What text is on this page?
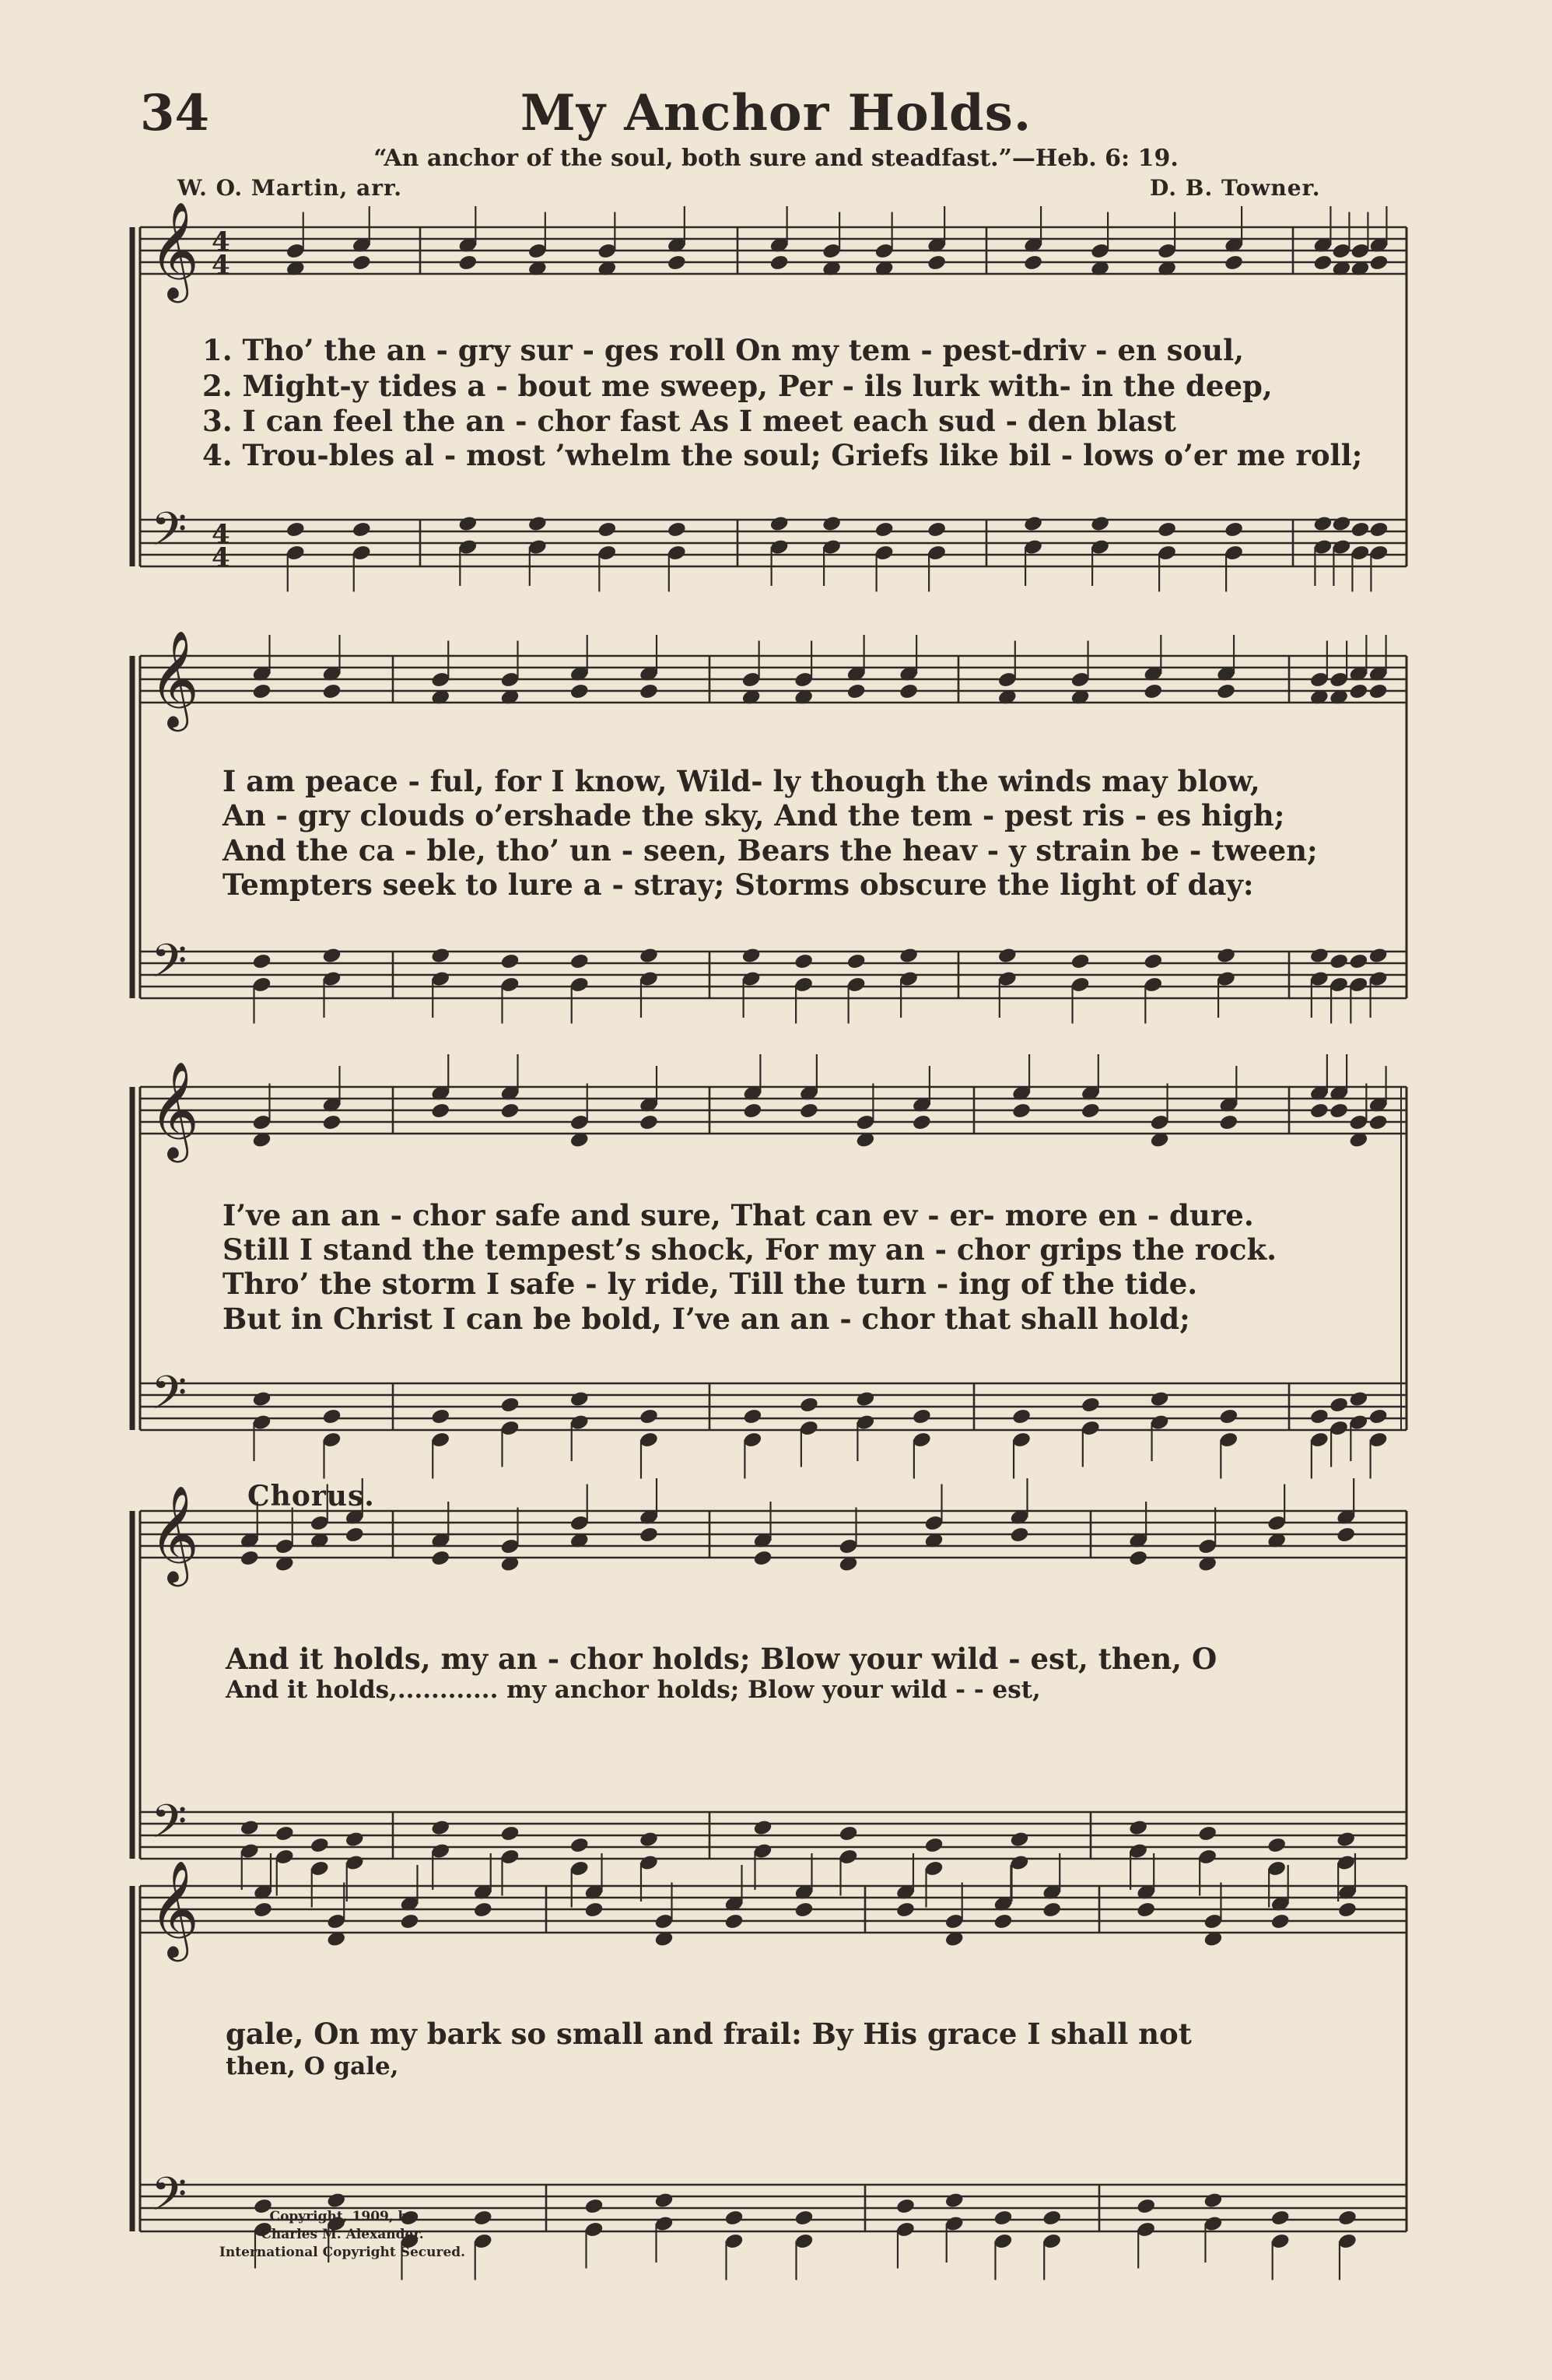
34	My Anchor Holds.
“An anchor of the soul, both sure and steadfast.”—Heb. 6: 19.
W. O. Martin, arr.	D. B. Towner.
𝄞
𝄢
4
4
4
4
𝄞
𝄢
𝄞
𝄢
𝄞
𝄢
𝄞
𝄢
1. Tho’ the an - gry sur - ges roll On my tem - pest-driv - en soul,
2. Might-y tides a - bout me sweep, Per - ils lurk with- in the deep,
3. I can feel the an - chor fast As I meet each sud - den blast
4. Trou-bles al - most ’whelm the soul; Griefs like bil - lows o’er me roll;
I am peace - ful, for I know, Wild- ly though the winds may blow,
An - gry clouds o’ershade the sky, And the tem - pest ris - es high;
And the ca - ble, tho’ un - seen, Bears the heav - y strain be - tween;
Tempters seek to lure a - stray; Storms obscure the light of day:
I’ve an an - chor safe and sure, That can ev - er- more en - dure.
Still I stand the tempest’s shock, For my an - chor grips the rock.
Thro’ the storm I safe - ly ride, Till the turn - ing of the tide.
But in Christ I can be bold, I’ve an an - chor that shall hold;
Chorus.
And it holds, my an - chor holds; Blow your wild - est, then, O
And it holds,............ my anchor holds; Blow your wild - - est,
gale, On my bark so small and frail: By His grace I shall not
then, O gale,
Copyright, 1909, by
Charles M. Alexander.
International Copyright Secured.
